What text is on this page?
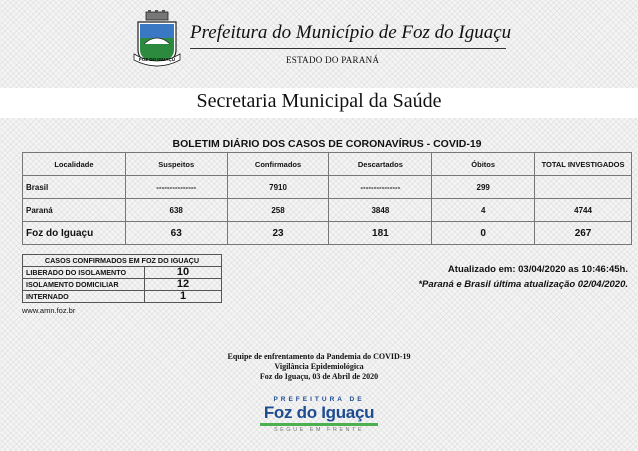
FOZ DO IGUAÇU
Prefeitura do Município de Foz do Iguaçu
ESTADO DO PARANÁ
Secretaria Municipal da Saúde
BOLETIM DIÁRIO DOS CASOS DE CORONAVÍRUS - COVID-19
Localidade	Suspeitos	Confirmados	Descartados	Óbitos	TOTAL INVESTIGADOS
Brasil	---------------	7910	---------------	299	
Paraná	638	258	3848	4	4744
Foz do Iguaçu	63	23	181	0	267
CASOS CONFIRMADOS EM FOZ DO IGUAÇU	
LIBERADO DO ISOLAMENTO	10
ISOLAMENTO DOMICILIAR	12
INTERNADO	1
Atualizado em: 03/04/2020 as 10:46:45h.
*Paraná e Brasil última atualização 02/04/2020.
www.amn.foz.br
Equipe de enfrentamento da Pandemia do COVID-19
Vigilância Epidemiológica
Foz do Iguaçu, 03 de Abril de 2020
PREFEITURA DE
Foz do Iguaçu
SEGUE EM FRENTE
